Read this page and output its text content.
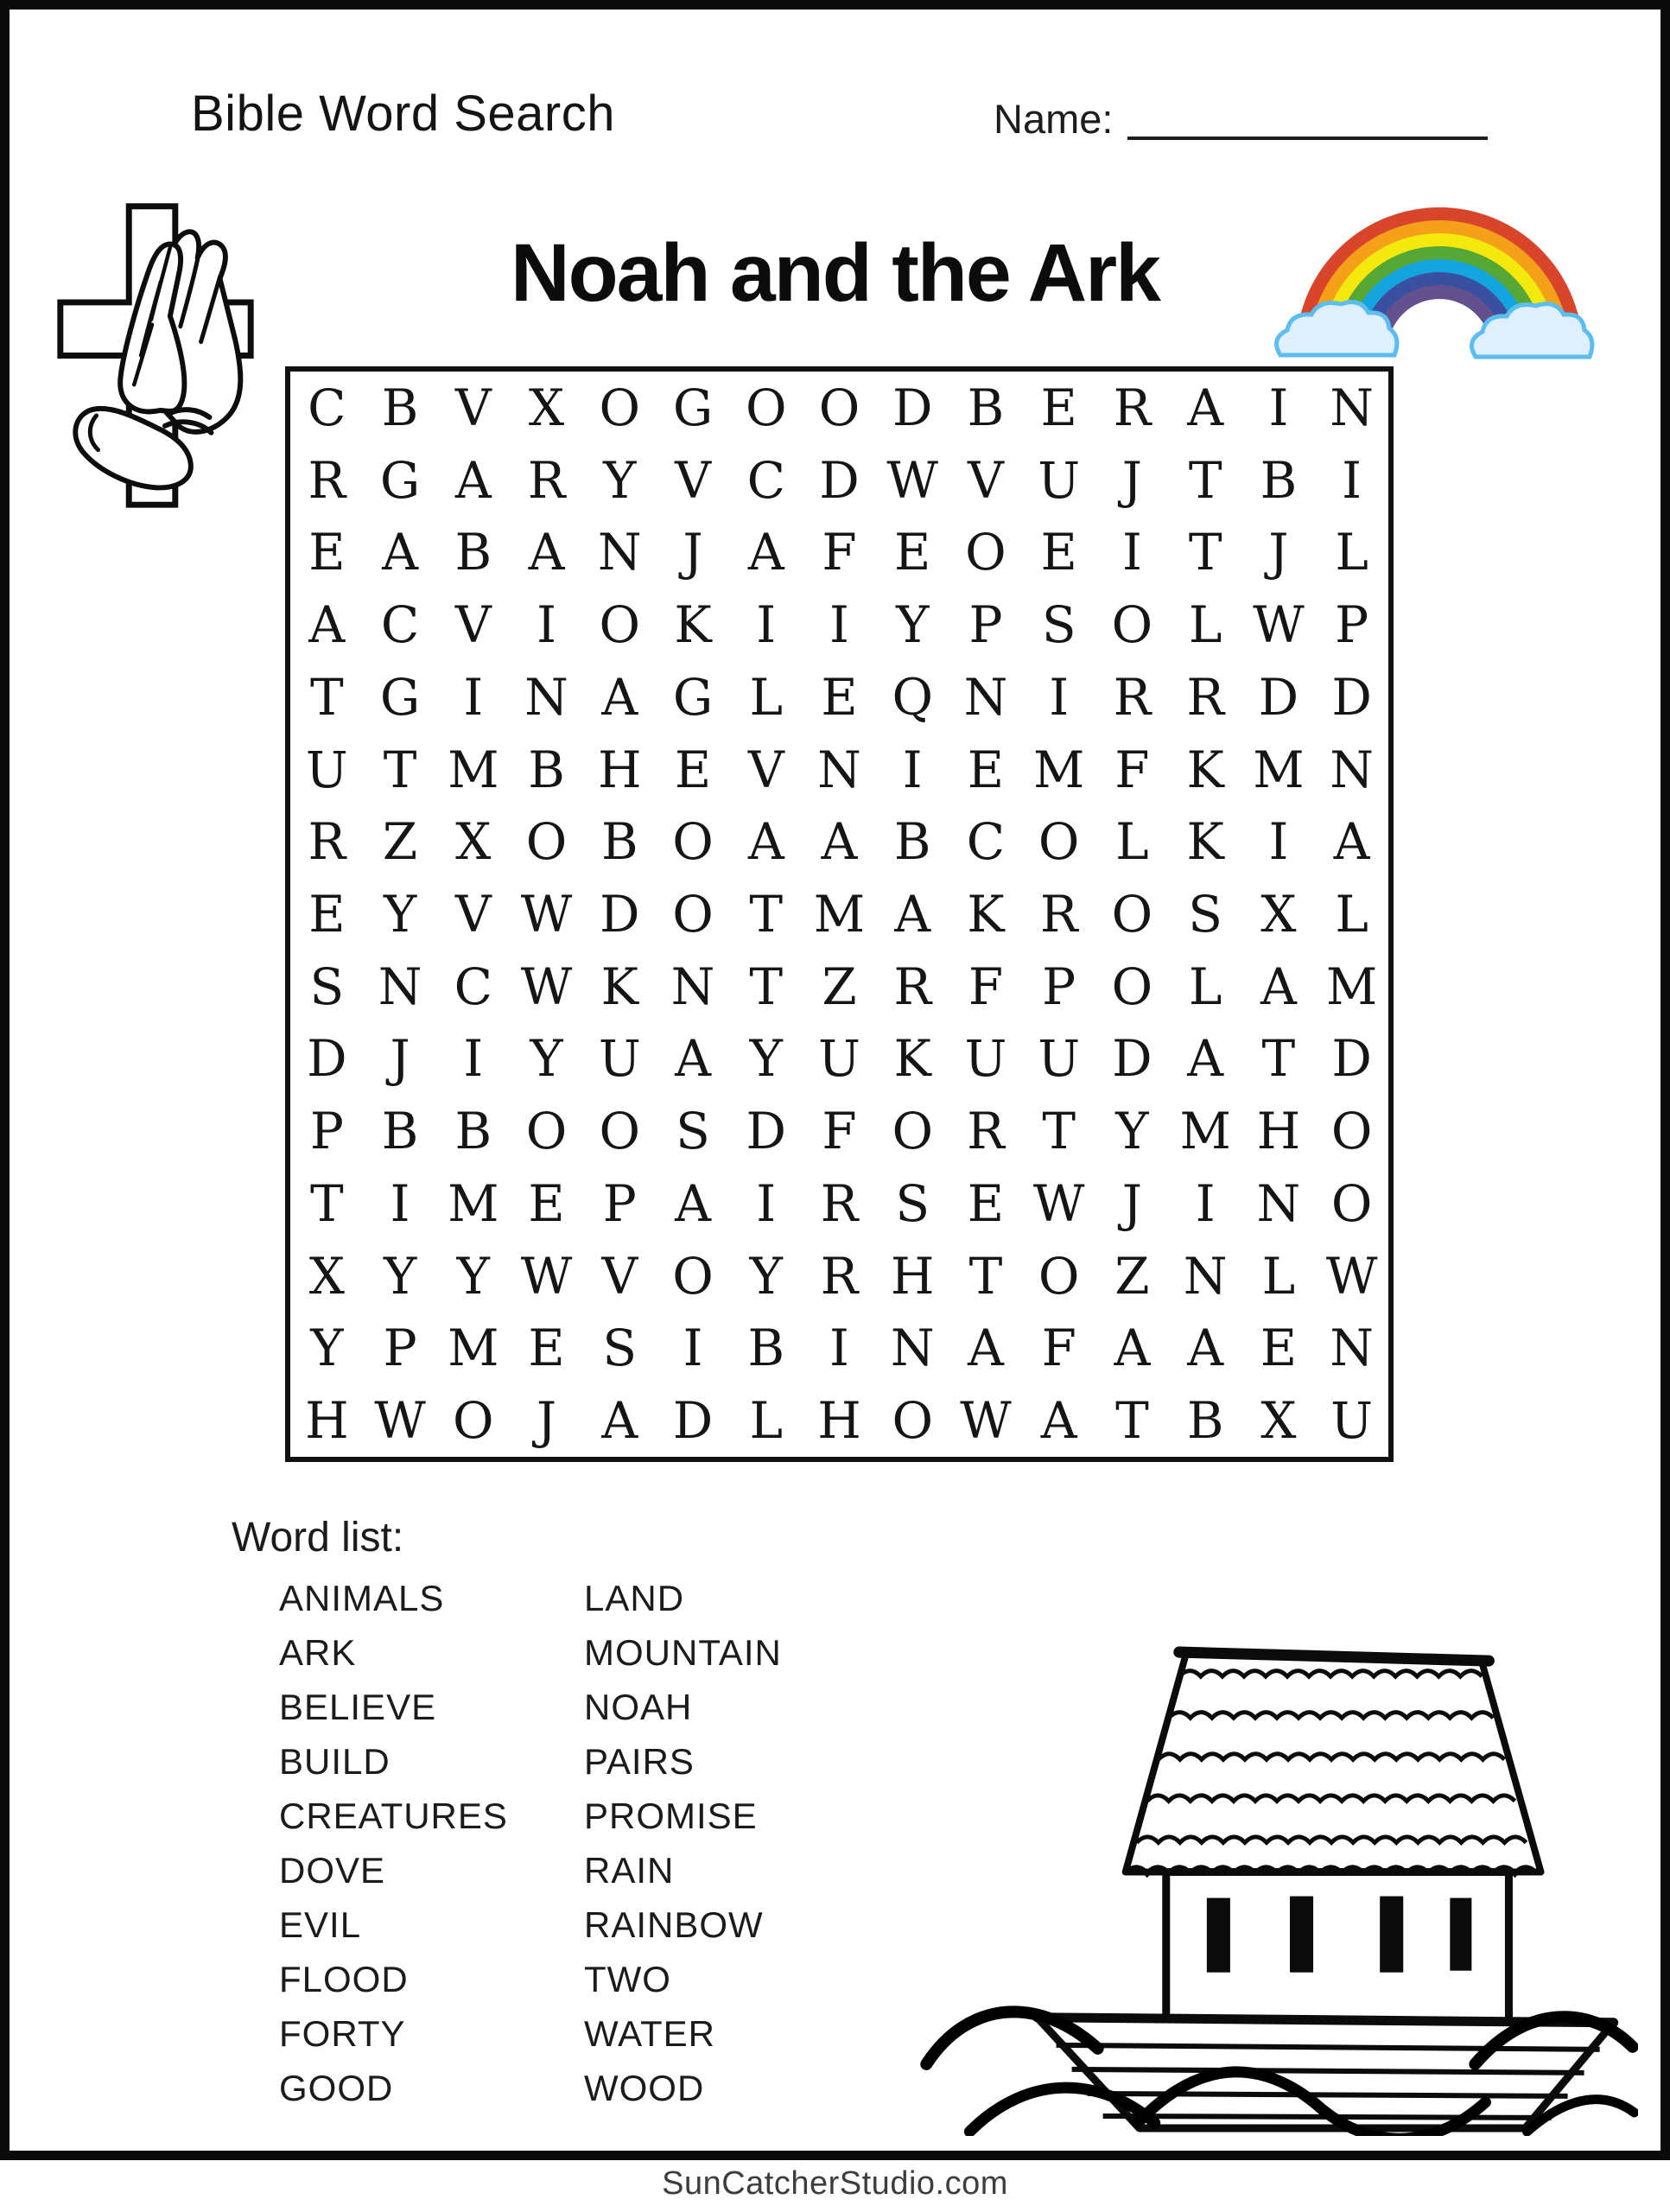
Bible Word Search	Name:
Noah and the Ark
C B V X O G O O D B E R A I N
R G A R Y V C D W V U J T B I
E A B A N J A F E O E I T J L
A C V I O K I	I Y P S O L W P
T G I N A G L E Q N I R R D D
U T M B H E V N I E M F K M N
R Z X O B O A A B C O L K I A
E Y V W D O T M A K R O S X L
S N C W K N T Z R F P O L A M
D J	I Y U A Y U K U U D A T D
P B B O O S D F O R T Y M H O
T I M E P A I R S E W J	I N O
X Y Y W V O Y R H T O Z N L W
Y P M E S I B I N A F A A E N
H W O J A D L H O W A T B X U
Word list:
ANIMALS
ARK
BELIEVE
BUILD
CREATURES
DOVE
EVIL
FLOOD
FORTY
GOOD
LAND
MOUNTAIN
NOAH
PAIRS
PROMISE
RAIN
RAINBOW
TWO
WATER
WOOD
SunCatcherStudio.com
